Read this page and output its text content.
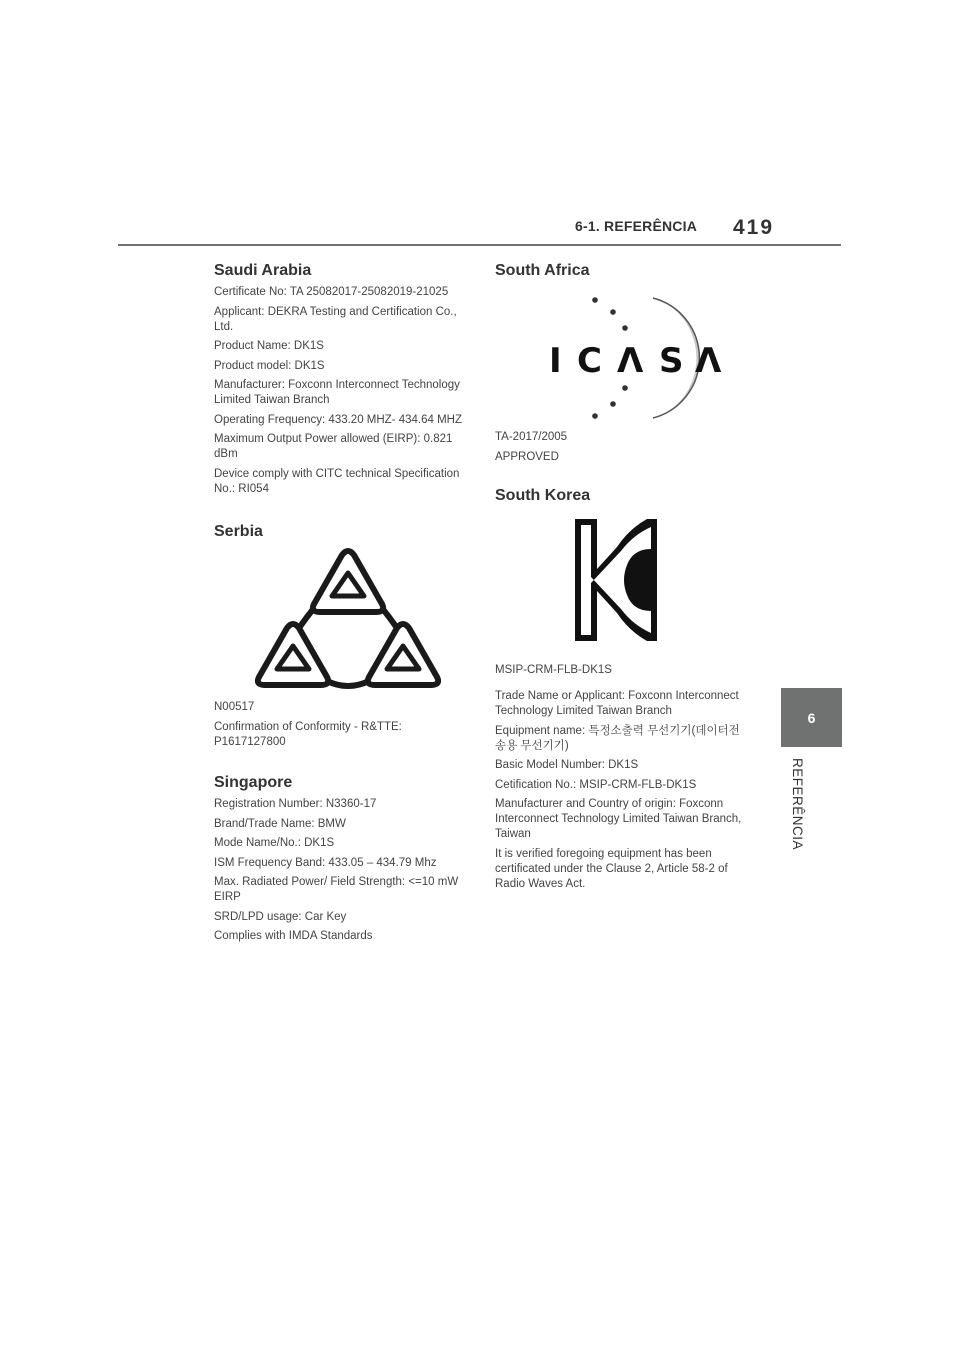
6-1. REFERÊNCIA 419
6
REFERÊNCIA
Saudi Arabia
Certificate No: TA 25082017-25082019-21025
Applicant: DEKRA Testing and Certification Co., Ltd.
Product Name: DK1S
Product model: DK1S
Manufacturer: Foxconn Interconnect Technology Limited Taiwan Branch
Operating Frequency: 433.20 MHZ- 434.64 MHZ
Maximum Output Power allowed (EIRP): 0.821 dBm
Device comply with CITC technical Specification No.: RI054
Serbia
N00517
Confirmation of Conformity - R&TTE: P1617127800
Singapore
Registration Number: N3360-17
Brand/Trade Name: BMW
Mode Name/No.: DK1S
ISM Frequency Band: 433.05 – 434.79 Mhz
Max. Radiated Power/ Field Strength: <=10 mW EIRP
SRD/LPD usage: Car Key
Complies with IMDA Standards
South Africa
I C Λ S Λ
TA-2017/2005
APPROVED
South Korea
MSIP-CRM-FLB-DK1S
Trade Name or Applicant: Foxconn Interconnect Technology Limited Taiwan Branch
Equipment name: 특정소출력 무선기기(데이터전송용 무선기기)
Basic Model Number: DK1S
Cetification No.: MSIP-CRM-FLB-DK1S
Manufacturer and Country of origin: Foxconn Interconnect Technology Limited Taiwan Branch, Taiwan
It is verified foregoing equipment has been certificated under the Clause 2, Article 58-2 of Radio Waves Act.
